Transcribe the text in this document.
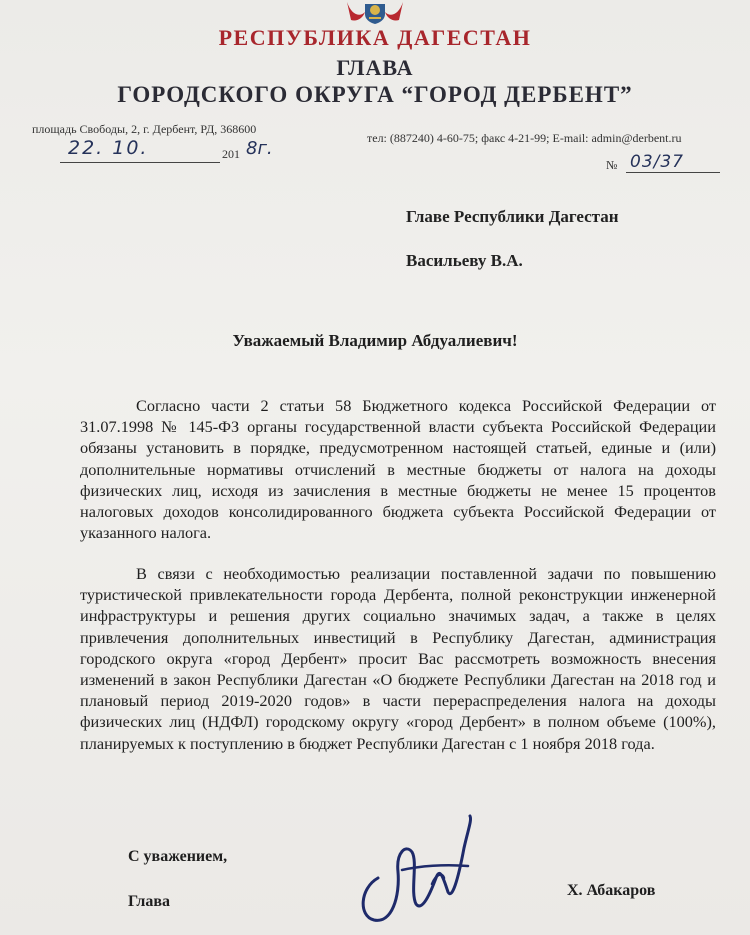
РЕСПУБЛИКА ДАГЕСТАН
ГЛАВА
ГОРОДСКОГО ОКРУГА “ГОРОД ДЕРБЕНТ”
площадь Свободы, 2, г. Дербент, РД, 368600
тел: (887240) 4-60-75; факс 4-21-99; E-mail: admin@derbent.ru
22. 10.	201 8г.
№ 03/37
Главе Республики Дагестан
Васильеву В.А.
Уважаемый Владимир Абдуалиевич!
Согласно части 2 статьи 58 Бюджетного кодекса Российской Федерации от 31.07.1998 № 145-ФЗ органы государственной власти субъекта Российской Федерации обязаны установить в порядке, предусмотренном настоящей статьей, единые и (или) дополнительные нормативы отчислений в местные бюджеты от налога на доходы физических лиц, исходя из зачисления в местные бюджеты не менее 15 процентов налоговых доходов консолидированного бюджета субъекта Российской Федерации от указанного налога.
В связи с необходимостью реализации поставленной задачи по повышению туристической привлекательности города Дербента, полной реконструкции инженерной инфраструктуры и решения других социально значимых задач, а также в целях привлечения дополнительных инвестиций в Республику Дагестан, администрация городского округа «город Дербент» просит Вас рассмотреть возможность внесения изменений в закон Республики Дагестан «О бюджете Республики Дагестан на 2018 год и плановый период 2019-2020 годов» в части перераспределения налога на доходы физических лиц (НДФЛ) городскому округу «город Дербент» в полном объеме (100%), планируемых к поступлению в бюджет Республики Дагестан с 1 ноября 2018 года.
С уважением,
Глава
Х. Абакаров
